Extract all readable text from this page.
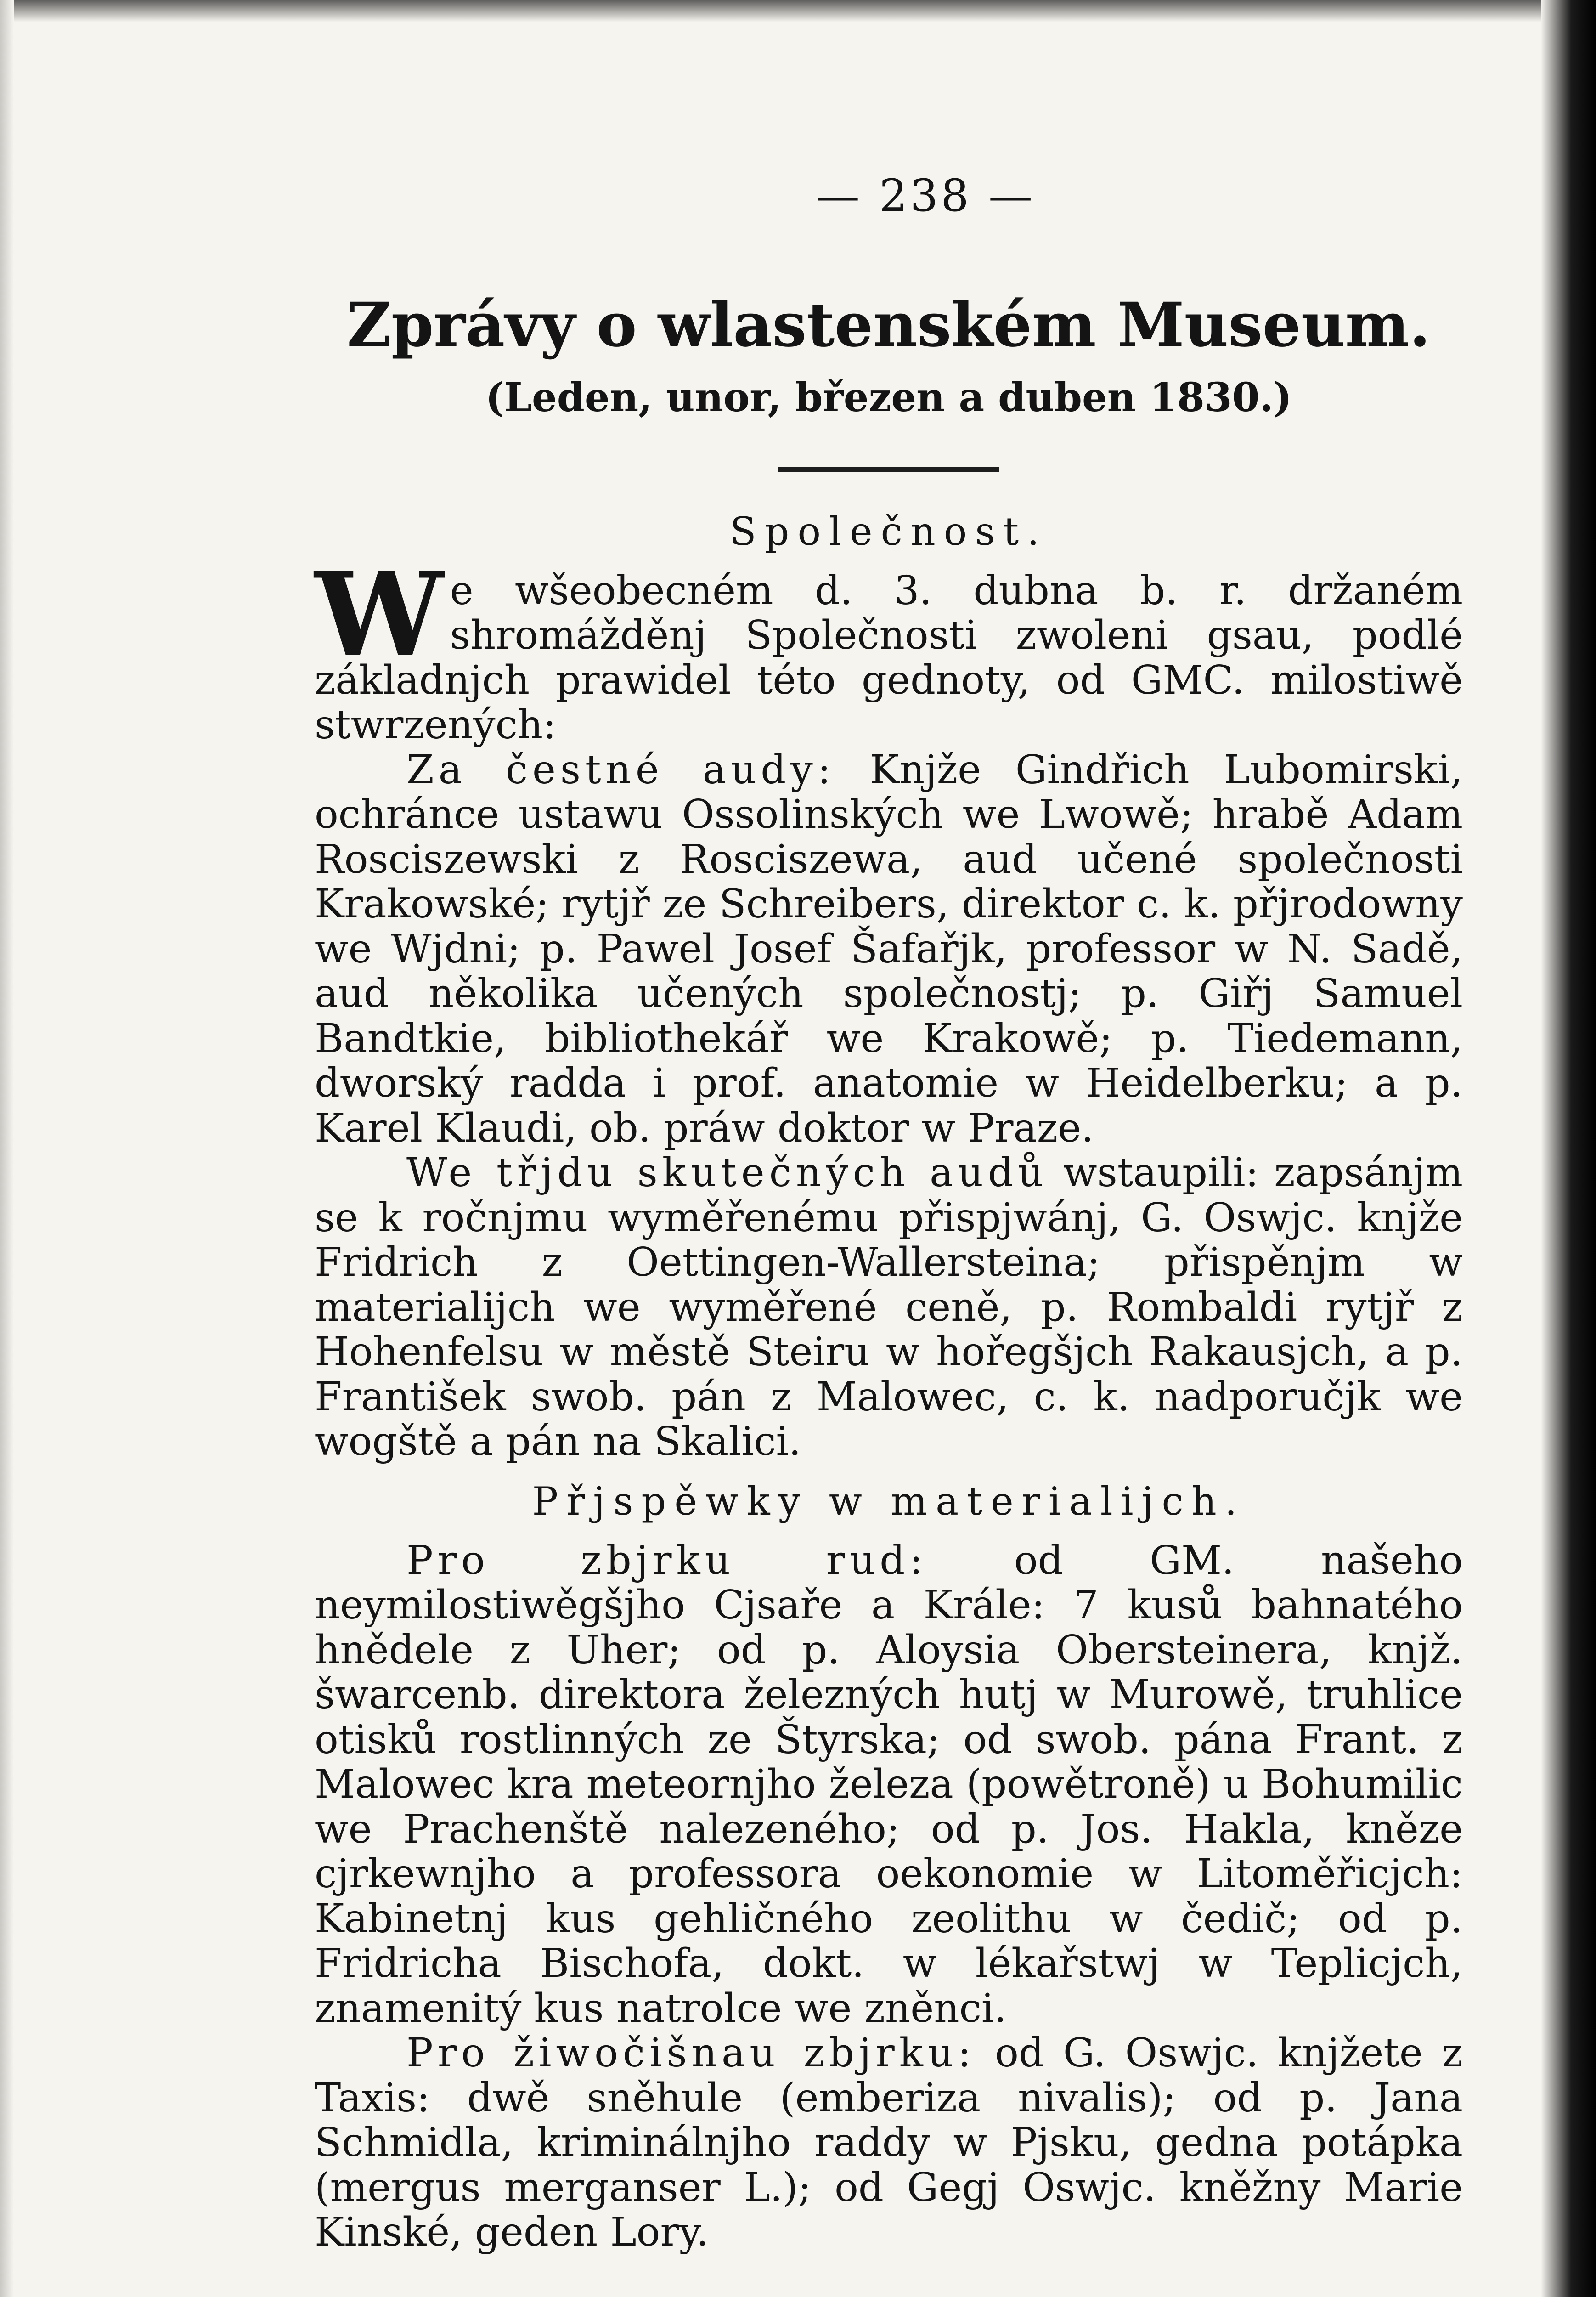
— 238 —
Zprávy o wlastenském Museum.
(Leden, unor, březen a duben 1830.)
Společnost.

We wšeobecném d. 3. dubna b. r. držaném shromážděnj Společnosti zwoleni gsau, podlé základnjch prawidel této gednoty, od GMC. milostiwě stwrzených:

Za čestné audy: Knjže Gindřich Lubomirski, ochránce ustawu Ossolinských we Lwowě; hrabě Adam Rosciszewski z Rosciszewa, aud učené společnosti Krakowské; rytjř ze Schreibers, direktor c. k. přjrodowny we Wjdni; p. Pawel Josef Šafařjk, professor w N. Sadě, aud několika učených společnostj; p. Giřj Samuel Bandtkie, bibliothekář we Krakowě; p. Tiedemann, dworský radda i prof. anatomie w Heidelberku; a p. Karel Klaudi, ob. práw doktor w Praze.

We třjdu skutečných audů wstaupili: zapsánjm se k ročnjmu wyměřenému přispjwánj, G. Oswjc. knjže Fridrich z Oettingen-Wallersteina; přispěnjm w materialijch we wyměřené ceně, p. Rombaldi rytjř z Hohenfelsu w městě Steiru w hořegšjch Rakausjch, a p. František swob. pán z Malowec, c. k. nadporučjk we wogště a pán na Skalici.

Přjspěwky w materialijch.

Pro zbjrku rud: od GM. našeho neymilostiwěgšjho Cjsaře a Krále: 7 kusů bahnatého hnědele z Uher; od p. Aloysia Obersteinera, knjž. šwarcenb. direktora železných hutj w Murowě, truhlice otisků rostlinných ze Štyrska; od swob. pána Frant. z Malowec kra meteornjho železa (powětroně) u Bohumilic we Prachenště nalezeného; od p. Jos. Hakla, kněze cjrkewnjho a professora oekonomie w Litoměřicjch: Kabinetnj kus gehličného zeolithu w čedič; od p. Fridricha Bischofa, dokt. w lékařstwj w Teplicjch, znamenitý kus natrolce we zněnci.

Pro žiwočišnau zbjrku: od G. Oswjc. knjžete z Taxis: dwě sněhule (emberiza nivalis); od p. Jana Schmidla, kriminálnjho raddy w Pjsku, gedna potápka (mergus merganser L.); od Gegj Oswjc. kněžny Marie Kinské, geden Lory.
